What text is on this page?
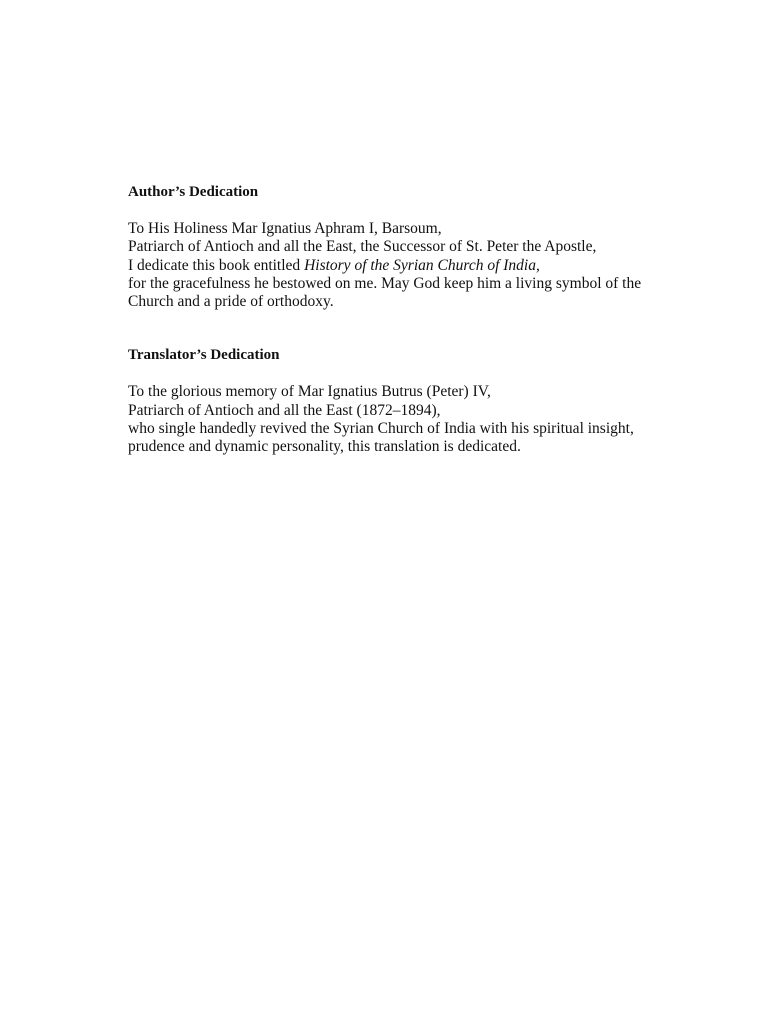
Author’s Dedication

To His Holiness Mar Ignatius Aphram I, Barsoum,
Patriarch of Antioch and all the East, the Successor of St. Peter the Apostle,
I dedicate this book entitled History of the Syrian Church of India,
for the gracefulness he bestowed on me. May God keep him a living symbol of the
Church and a pride of orthodoxy.

Translator’s Dedication

To the glorious memory of Mar Ignatius Butrus (Peter) IV,
Patriarch of Antioch and all the East (1872–1894),
who single handedly revived the Syrian Church of India with his spiritual insight,
prudence and dynamic personality, this translation is dedicated.
